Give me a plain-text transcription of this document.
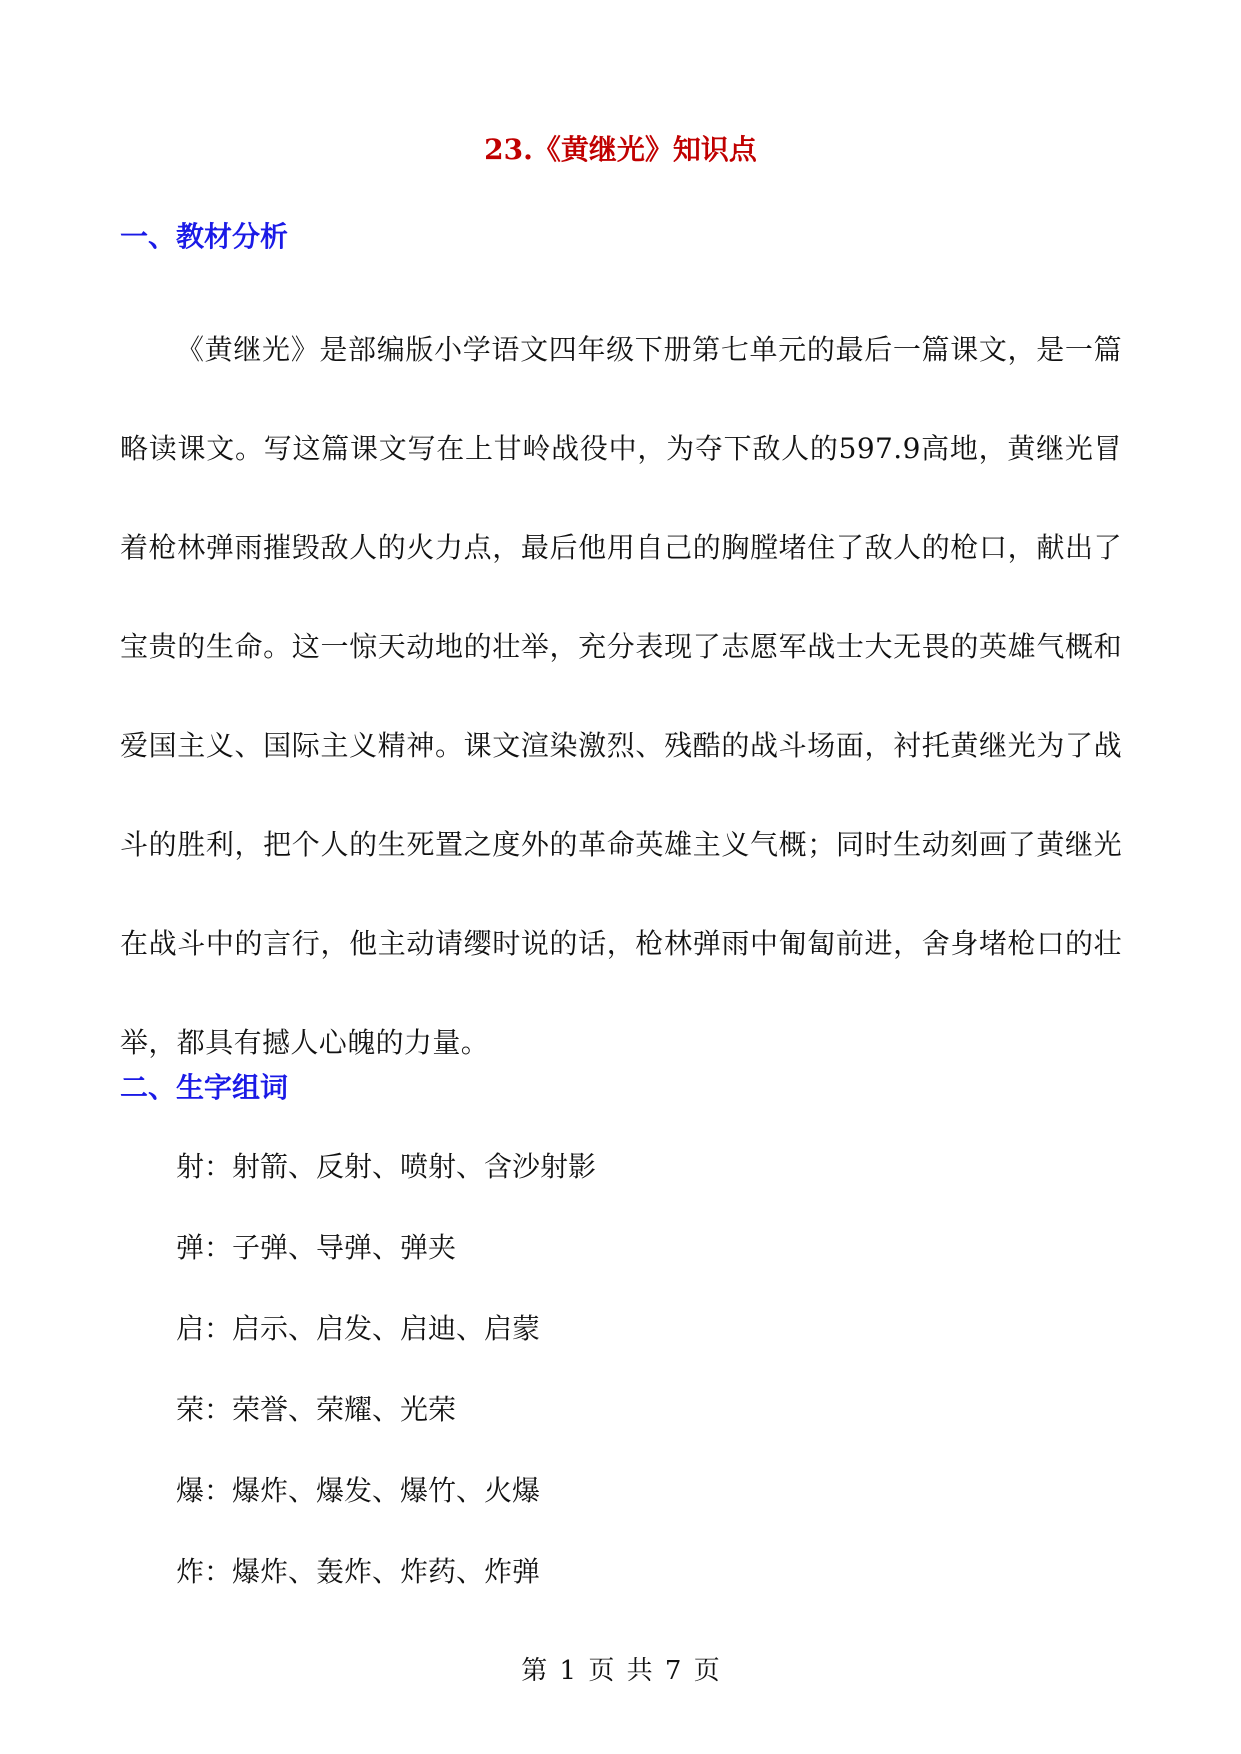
23.《黄继光》知识点
一、教材分析

《黄继光》是部编版小学语文四年级下册第七单元的最后一篇课文，是一篇略读课文。写这篇课文写在上甘岭战役中，为夺下敌人的597.9高地，黄继光冒着枪林弹雨摧毁敌人的火力点，最后他用自己的胸膛堵住了敌人的枪口，献出了宝贵的生命。这一惊天动地的壮举，充分表现了志愿军战士大无畏的英雄气概和爱国主义、国际主义精神。课文渲染激烈、残酷的战斗场面，衬托黄继光为了战斗的胜利，把个人的生死置之度外的革命英雄主义气概；同时生动刻画了黄继光在战斗中的言行，他主动请缨时说的话，枪林弹雨中匍匐前进，舍身堵枪口的壮举，都具有撼人心魄的力量。

二、生字组词
射：射箭、反射、喷射、含沙射影
弹：子弹、导弹、弹夹
启：启示、启发、启迪、启蒙
荣：荣誉、荣耀、光荣
爆：爆炸、爆发、爆竹、火爆
炸：爆炸、轰炸、炸药、炸弹
第 1 页 共 7 页
